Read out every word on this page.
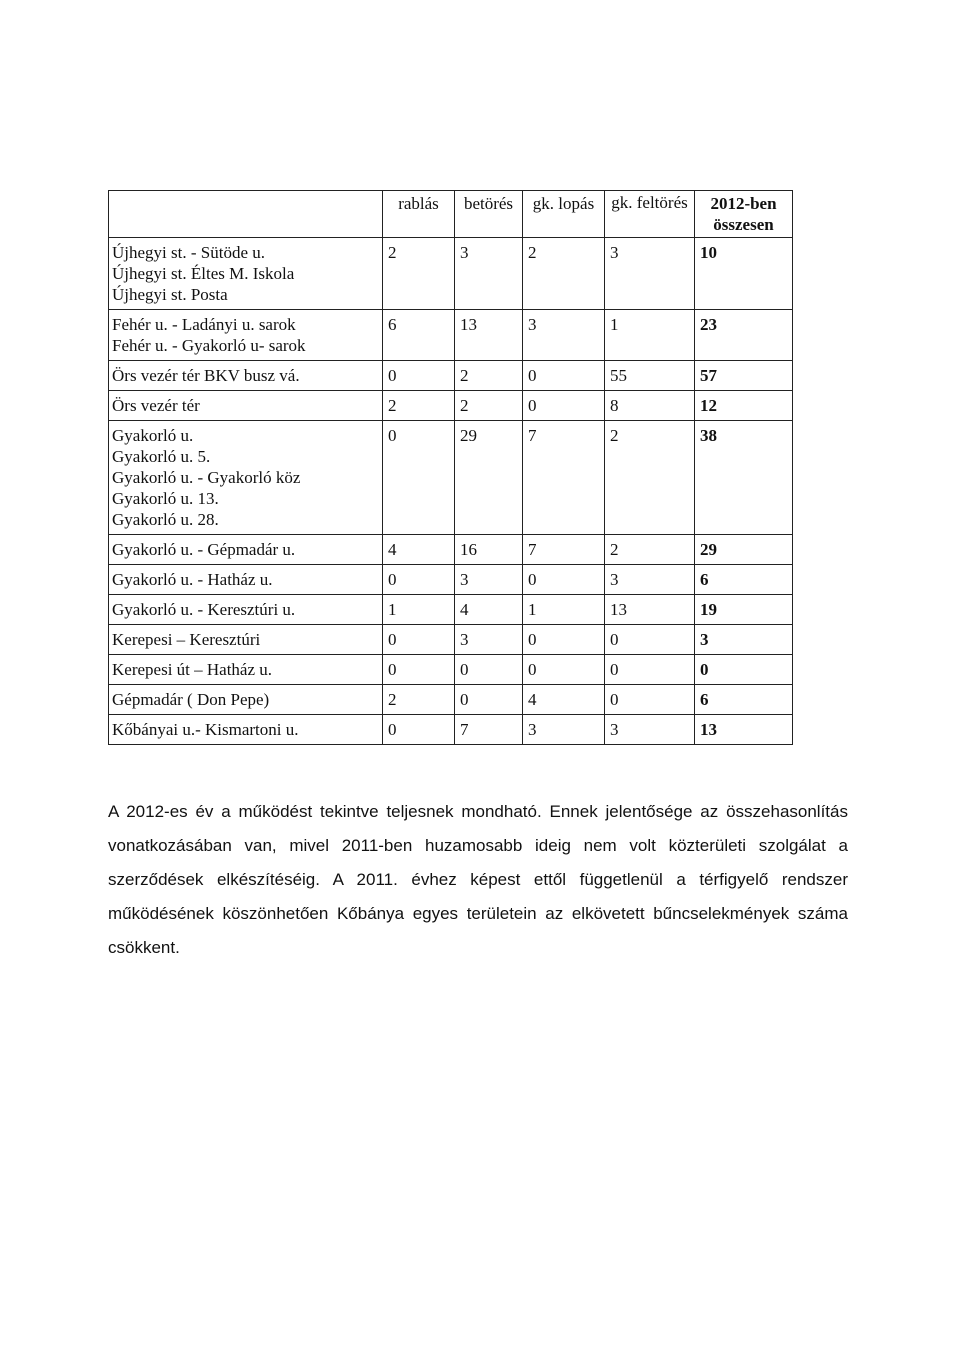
	rablás	betörés	gk. lopás	gk. feltörés	2012-ben összesen

Újhegyi st. - Sütöde u.
Újhegyi st. Éltes M. Iskola
Újhegyi st. Posta	2	3	2	3	10

Fehér u. - Ladányi u. sarok
Fehér u. - Gyakorló u- sarok	6	13	3	1	23

Örs vezér tér BKV busz vá.	0	2	0	55	57

Örs vezér tér	2	2	0	8	12

Gyakorló u.
Gyakorló u. 5.
Gyakorló u. - Gyakorló köz
Gyakorló u. 13.
Gyakorló u. 28.	0	29	7	2	38

Gyakorló u. - Gépmadár u.	4	16	7	2	29

Gyakorló u. - Hatház u.	0	3	0	3	6

Gyakorló u. - Keresztúri u.	1	4	1	13	19

Kerepesi – Keresztúri	0	3	0	0	3

Kerepesi út – Hatház u.	0	0	0	0	0

Gépmadár ( Don Pepe)	2	0	4	0	6

Kőbányai u.- Kismartoni u.	0	7	3	3	13

A 2012-es év a működést tekintve teljesnek mondható. Ennek jelentősége az összehasonlítás vonatkozásában van, mivel 2011-ben huzamosabb ideig nem volt közterületi szolgálat a szerződések elkészítéséig. A 2011. évhez képest ettől függetlenül a térfigyelő rendszer működésének köszönhetően Kőbánya egyes területein az elkövetett bűncselekmények száma csökkent.
